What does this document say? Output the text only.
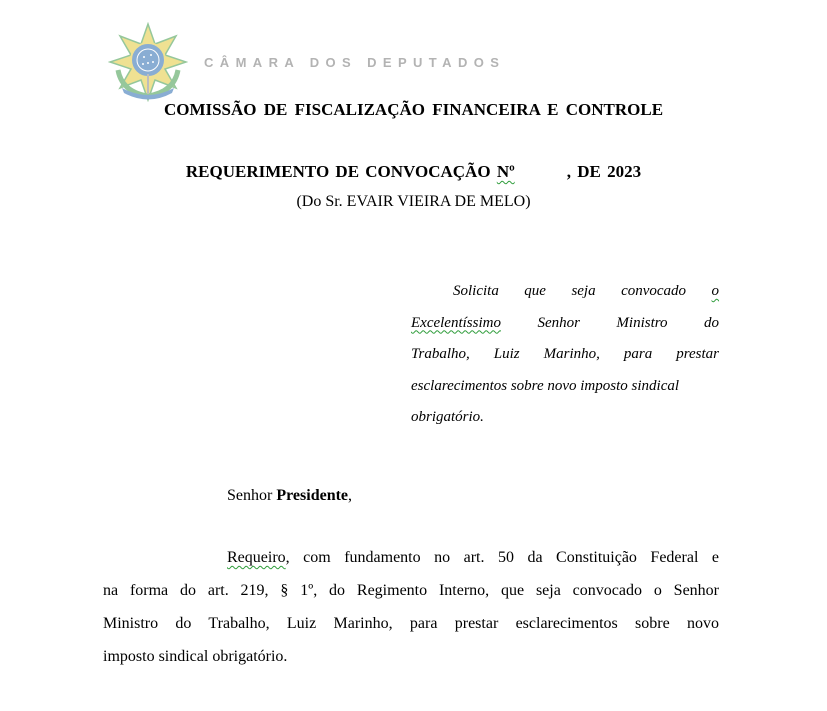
CÂMARA DOS DEPUTADOS
COMISSÃO DE FISCALIZAÇÃO FINANCEIRA E CONTROLE
REQUERIMENTO DE CONVOCAÇÃO Nº	, DE 2023
(Do Sr. EVAIR VIEIRA DE MELO)
Solicita que seja convocado o
Excelentíssimo Senhor Ministro do
Trabalho, Luiz Marinho, para prestar
esclarecimentos sobre novo imposto sindical
obrigatório.
Senhor Presidente,
Requeiro, com fundamento no art. 50 da Constituição Federal e
na forma do art. 219, § 1º, do Regimento Interno, que seja convocado o Senhor
Ministro do Trabalho, Luiz Marinho, para prestar esclarecimentos sobre novo
imposto sindical obrigatório.
